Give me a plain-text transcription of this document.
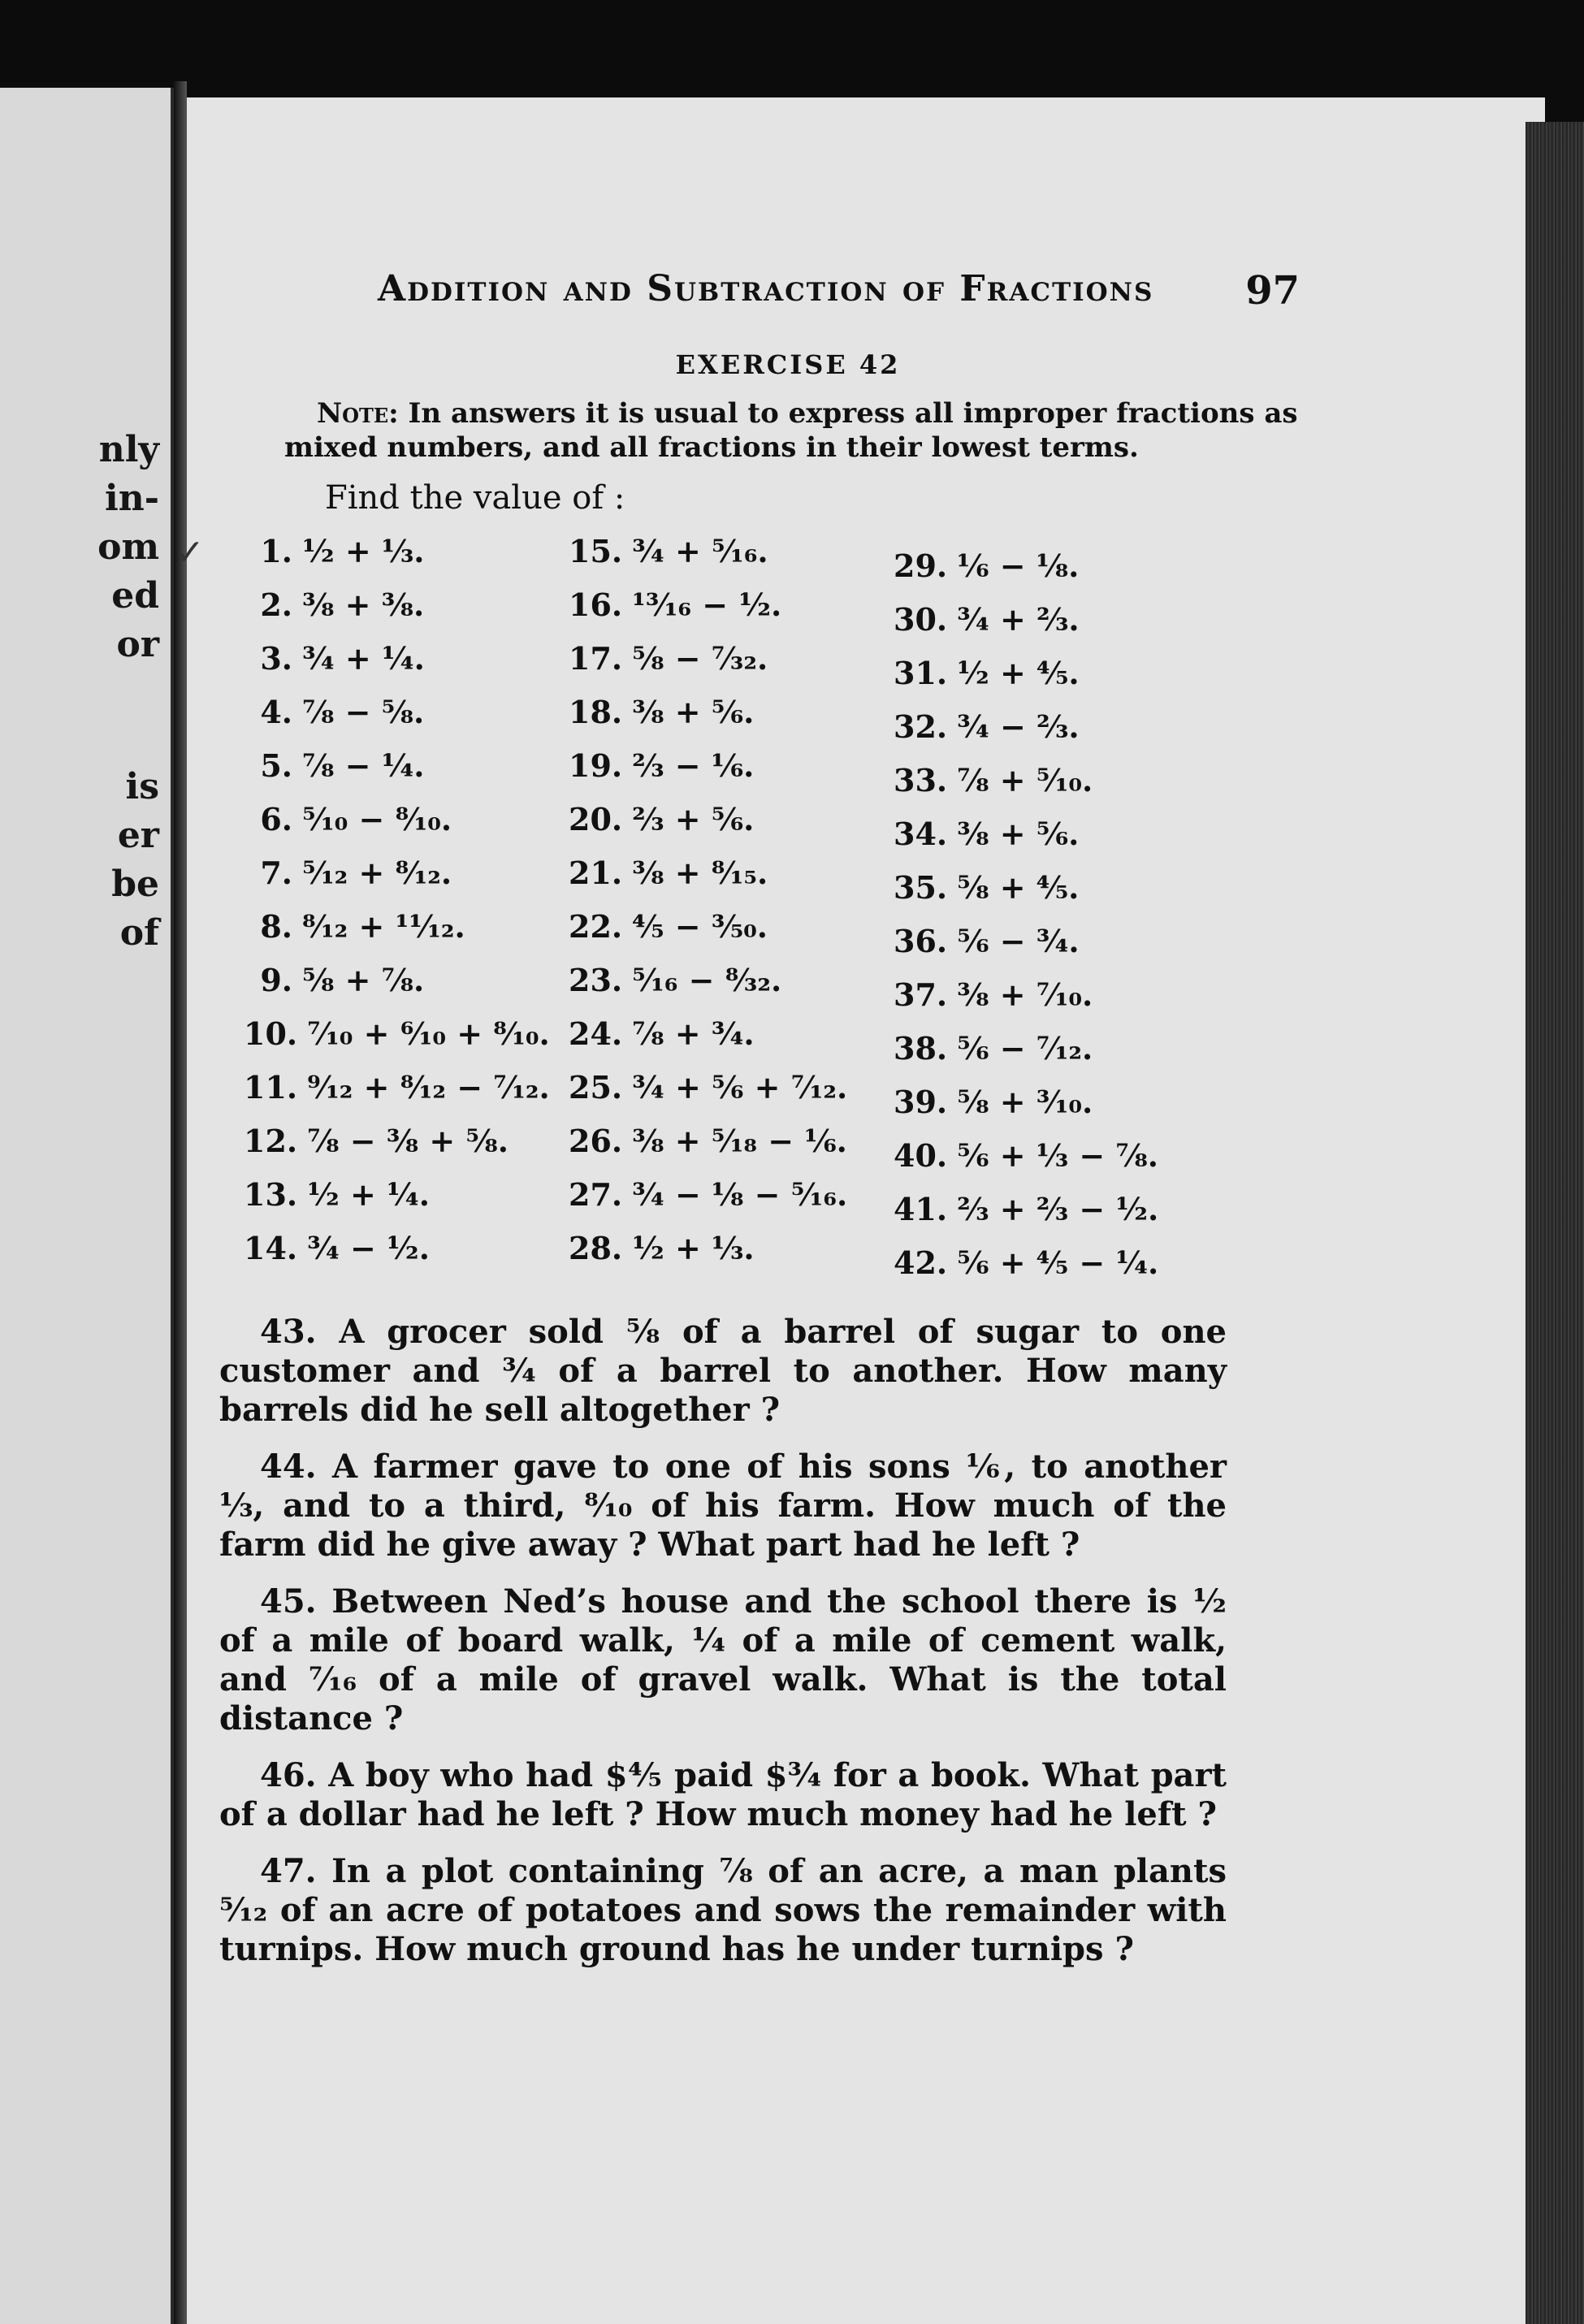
nly
in-
om
ed
or
is
er
be
of
Addition and Subtraction of Fractions 97
EXERCISE 42
Note: In answers it is usual to express all improper fractions as mixed numbers, and all fractions in their lowest terms.
✓
Find the value of :
1. ½ + ⅓.
2. ⅜ + ⅜.
3. ¾ + ¼.
4. ⅞ − ⅝.
5. ⅞ − ¼.
6. ⁵⁄₁₀ − ⁸⁄₁₀.
7. ⁵⁄₁₂ + ⁸⁄₁₂.
8. ⁸⁄₁₂ + ¹¹⁄₁₂.
9. ⅝ + ⅞.
10. ⁷⁄₁₀ + ⁶⁄₁₀ + ⁸⁄₁₀.
11. ⁹⁄₁₂ + ⁸⁄₁₂ − ⁷⁄₁₂.
12. ⅞ − ⅜ + ⅝.
13. ½ + ¼.
14. ¾ − ½.
15. ¾ + ⁵⁄₁₆.
16. ¹³⁄₁₆ − ½.
17. ⅝ − ⁷⁄₃₂.
18. ⅜ + ⅚.
19. ⅔ − ⅙.
20. ⅔ + ⅚.
21. ⅜ + ⁸⁄₁₅.
22. ⅘ − ⅗₀.
23. ⁵⁄₁₆ − ⁸⁄₃₂.
24. ⅞ + ¾.
25. ¾ + ⅚ + ⁷⁄₁₂.
26. ⅜ + ⁵⁄₁₈ − ⅙.
27. ¾ − ⅛ − ⁵⁄₁₆.
28. ½ + ⅓.
29. ⅙ − ⅛.
30. ¾ + ⅔.
31. ½ + ⅘.
32. ¾ − ⅔.
33. ⅞ + ⁵⁄₁₀.
34. ⅜ + ⅚.
35. ⅝ + ⅘.
36. ⅚ − ¾.
37. ⅜ + ⁷⁄₁₀.
38. ⅚ − ⁷⁄₁₂.
39. ⅝ + ³⁄₁₀.
40. ⅚ + ⅓ − ⅞.
41. ⅔ + ⅔ − ½.
42. ⅚ + ⅘ − ¼.

43. A grocer sold ⅝ of a barrel of sugar to one customer and ¾ of a barrel to another. How many barrels did he sell altogether ?

44. A farmer gave to one of his sons ⅙, to another ⅓, and to a third, ⁸⁄₁₀ of his farm. How much of the farm did he give away ? What part had he left ?

45. Between Ned’s house and the school there is ½ of a mile of board walk, ¼ of a mile of cement walk, and ⁷⁄₁₆ of a mile of gravel walk. What is the total distance ?

46. A boy who had $⅘ paid $¾ for a book. What part of a dollar had he left ? How much money had he left ?

47. In a plot containing ⅞ of an acre, a man plants ⁵⁄₁₂ of an acre of potatoes and sows the remainder with turnips. How much ground has he under turnips ?
